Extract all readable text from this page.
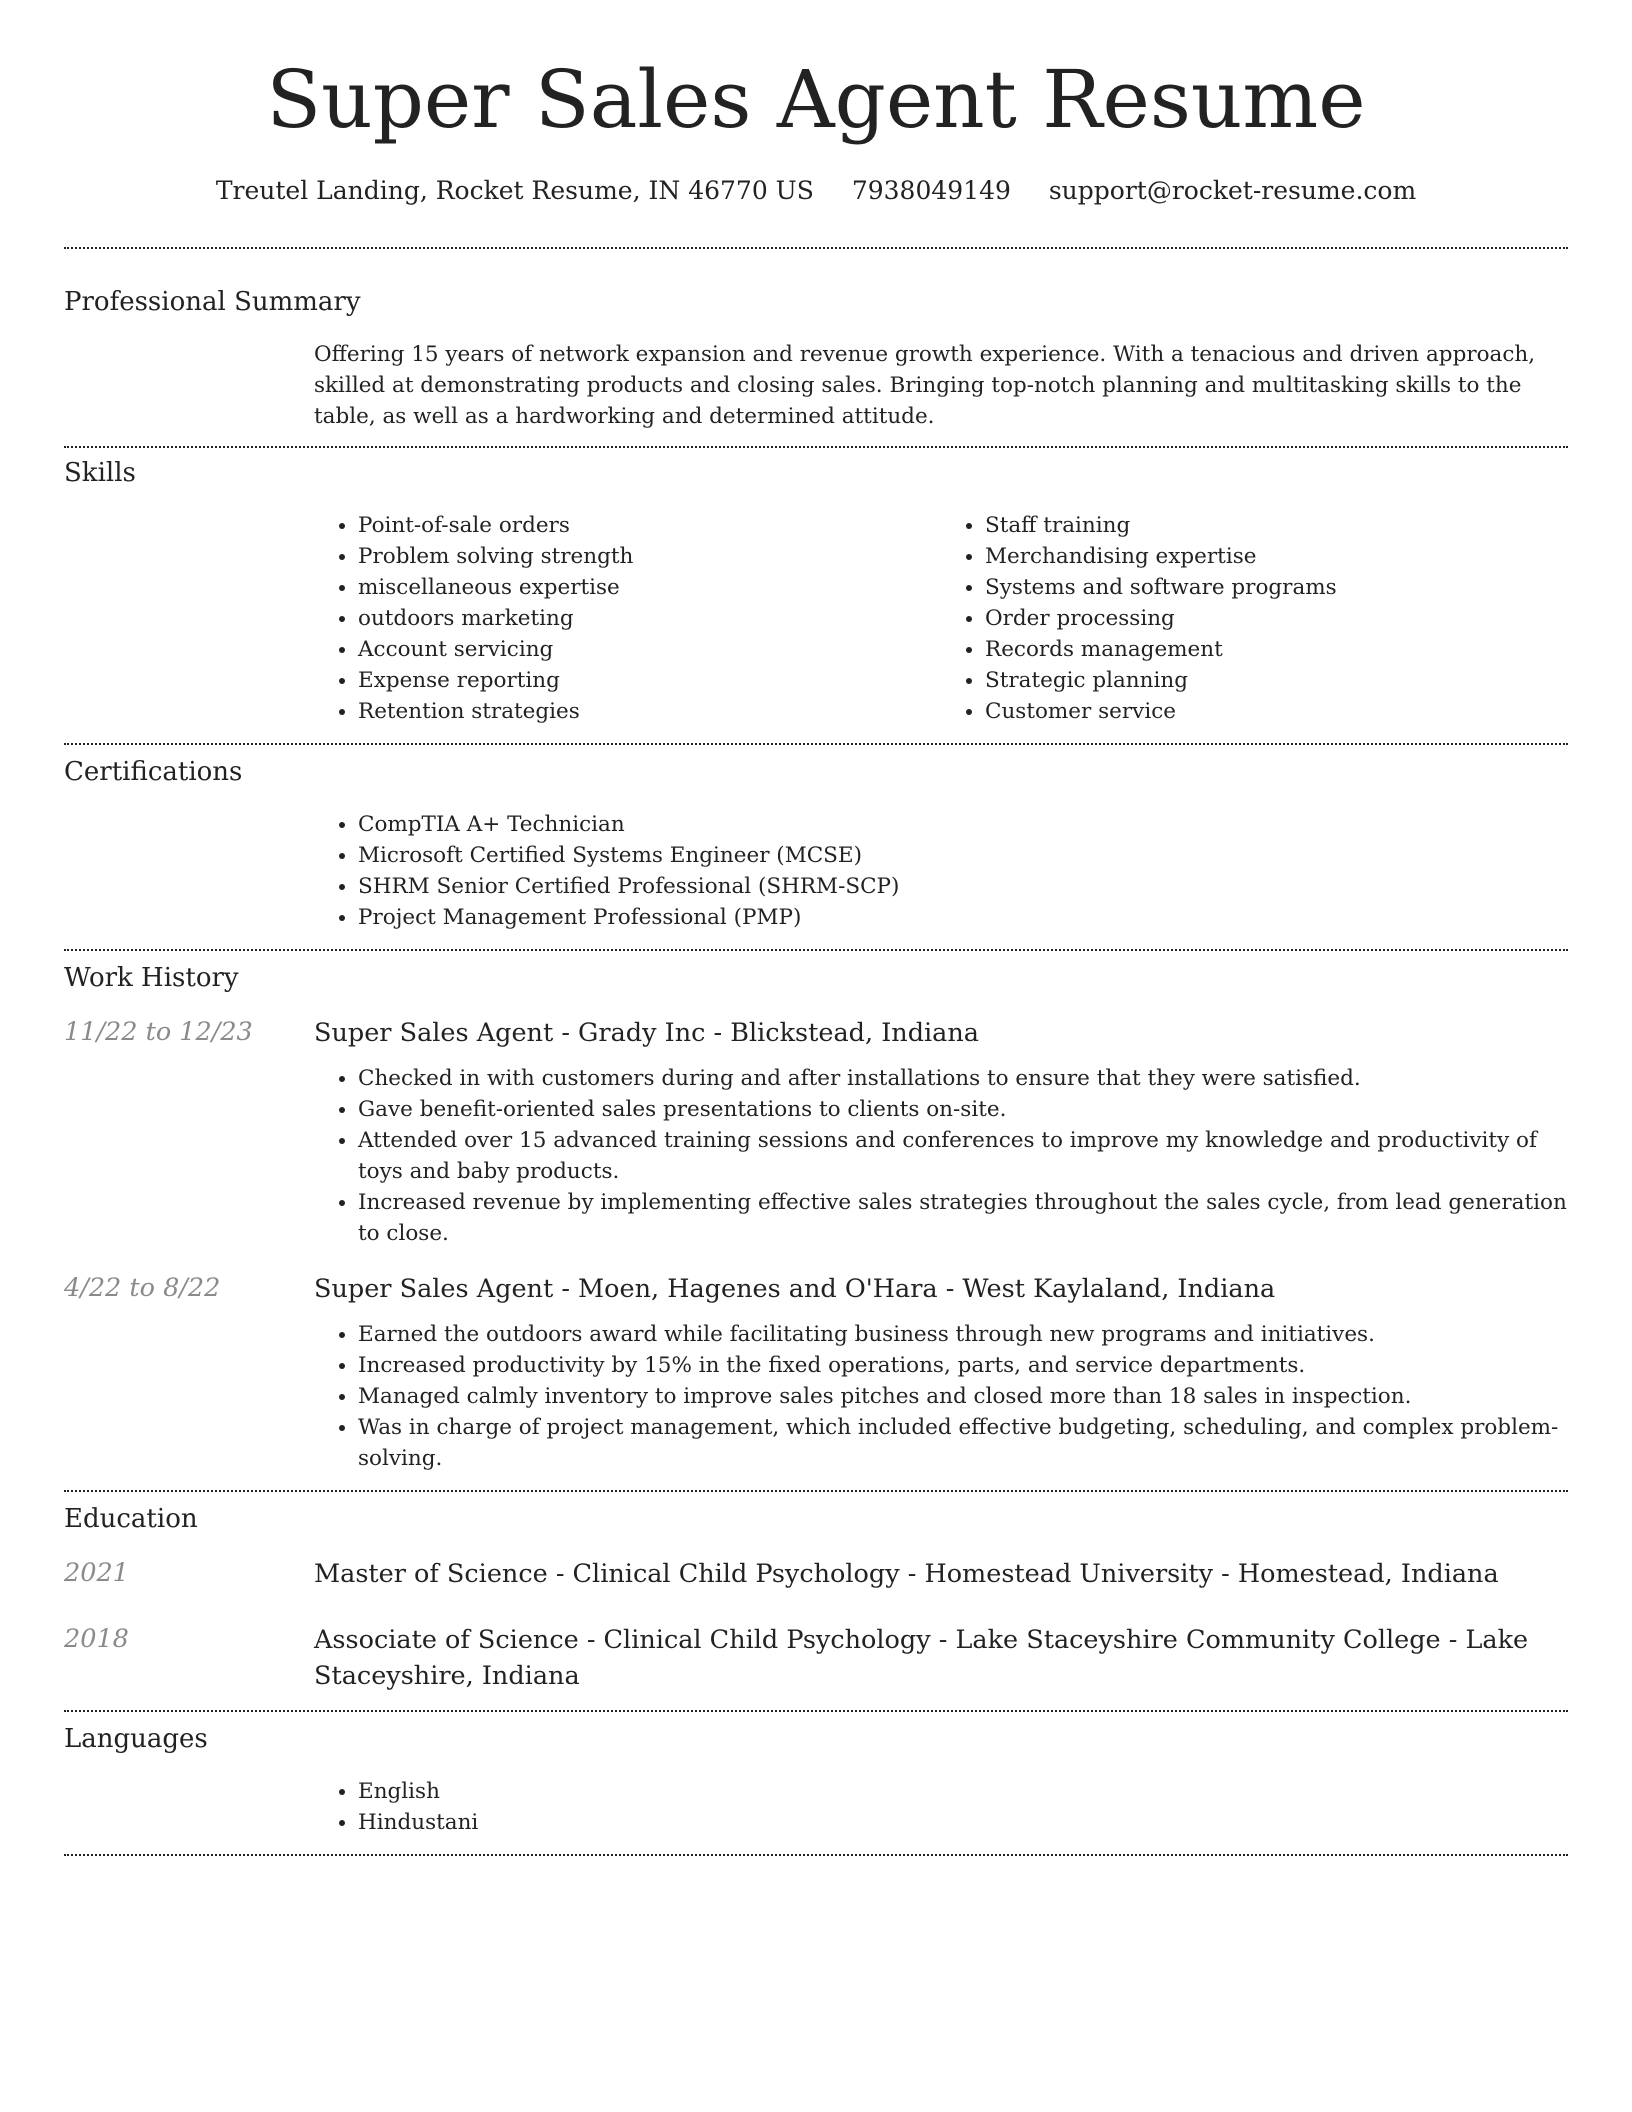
Super Sales Agent Resume
Treutel Landing, Rocket Resume, IN 46770 US 7938049149 support@rocket-resume.com
Professional Summary

Offering 15 years of network expansion and revenue growth experience. With a tenacious and driven approach, skilled at demonstrating products and closing sales. Bringing top-notch planning and multitasking skills to the table, as well as a hardworking and determined attitude.

Skills
• Point-of-sale orders
• Problem solving strength
• miscellaneous expertise
• outdoors marketing
• Account servicing
• Expense reporting
• Retention strategies
• Staff training
• Merchandising expertise
• Systems and software programs
• Order processing
• Records management
• Strategic planning
• Customer service
Certifications
• CompTIA A+ Technician
• Microsoft Certified Systems Engineer (MCSE)
• SHRM Senior Certified Professional (SHRM-SCP)
• Project Management Professional (PMP)
Work History
11/22 to 12/23	Super Sales Agent - Grady Inc - Blickstead, Indiana
• Checked in with customers during and after installations to ensure that they were satisfied.
• Gave benefit-oriented sales presentations to clients on-site.
• Attended over 15 advanced training sessions and conferences to improve my knowledge and productivity of toys and baby products.
• Increased revenue by implementing effective sales strategies throughout the sales cycle, from lead generation to close.
4/22 to 8/22	Super Sales Agent - Moen, Hagenes and O'Hara - West Kaylaland, Indiana
• Earned the outdoors award while facilitating business through new programs and initiatives.
• Increased productivity by 15% in the fixed operations, parts, and service departments.
• Managed calmly inventory to improve sales pitches and closed more than 18 sales in inspection.
• Was in charge of project management, which included effective budgeting, scheduling, and complex problem-solving.
Education
2021	Master of Science - Clinical Child Psychology - Homestead University - Homestead, Indiana
2018	Associate of Science - Clinical Child Psychology - Lake Staceyshire Community College - Lake Staceyshire, Indiana
Languages
• English
• Hindustani
